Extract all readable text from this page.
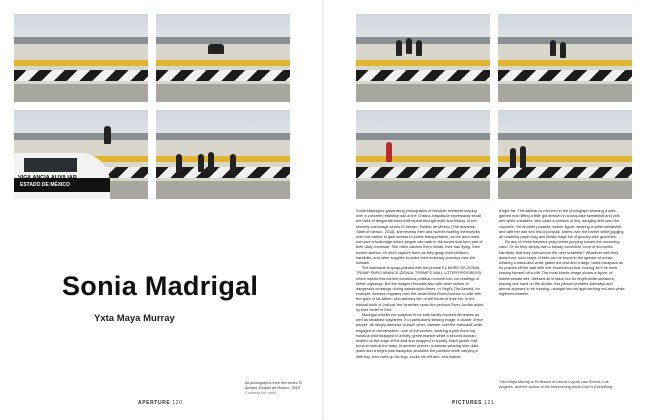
VIGILANCIA AUXILIAR
ESTADO DE MÉXICO
Sonia Madrigal
Yxta Maya Murray
All photographs from the series El Abrazo, Estado de México, 2019
Courtesy the artist
APERTURE 120

Sonia Madrigal's galvanizing photographs of Mexican residents leaping over a concrete retaining wall of the Chalco–Ixtapaluca expressway recall the tales of desperate treks that repeat through myth and history. In her seventy-one-image series El Abrazo, Estado de México (The advance, State of Mexico, 2018), she reveals men and women hurtling themselves over this barrier to gain access to public transportation, as the area does not have a footbridge where people can walk to the buses that form part of their daily commute. She often catches them midair, their hair flying, their bodies akimbo. Or she'll capture them as they grasp their children, handbills, and other supplies to make their unsteady journeys over the bulwark.

The barricade is spray-painted with the phrase EL MURO DE DONAL TRUMP PURO ABANCE (DONAL TROMP'S WALL UTTER PROGRESS), which inserts this current conscious political moment into our readings of these odysseys. But the images resonate also with older stories of dangerous crossings during catastrophic times. In Virgil's The Aeneid, for example, Aeneas migrates over the death-filled River Acheron to visit with the spirit of his father, who assures him of the future of their kin. In the biblical book of Joshua, the Israelites cross the perilous River Jordan aided by their belief in God.

Madrigal reveals her subjects to be both family-focused Aeneases as well as steadfast wayfarers. In a particularly striking image, a cluster of five people, all deeply attentive to each other, clamber over the barricade while engaged in conversation—one of the women, wearing a pink floral top, hoists a child wrapped in a fluffy, green blanket while a second woman, seated on the edge of the wall and wrapped in a puffy, black jacket, half turns to look at the baby. In another picture, a woman wearing slim, dark jeans and a bright-pink backpack straddles the partition while carrying a little boy, who curls up his legs, cocks his left arm, and makes

a tight fist. This tableau is mirrored in the photograph showing a dark-garbed man lifting a little girl dressed in a turquoise sweatshirt and pink and white sneakers, who casts a shadow of tiny, dangling feet onto the concrete. Yet another possible mother figure, wearing a white sweatshirt and with her hair tied into a ponytail, totters over the barrier while juggling an unwieldy paper bag and plastic bags full of grocery-size groceries.

Do any of these travelers pray before jumping toward the oncoming cars? Or do they simply own a steady conviction, born of economic hardship, that they can survive the next scramble? Whatever well they draw from, such leaps of faith can be found in the specter of a man wearing a black-and-white patterned vest and a large, black backpack as he pushes off the wall with one brown-shod foot, looking as if he were tossing himself off a cliff. The most kinetic image shows a figure, of indeterminate sex, dressed all in black but for bright-white sneakers; placing one hand on the divider, this person levitates sideways and almost appears to be running—straight into an approaching red-and-white eighteen-wheeler.

Yxta Maya Murray is Professor of Law at Loyola Law School, Los Angeles, and the author of the forthcoming novel God Is Everything.
PICTURES 121
